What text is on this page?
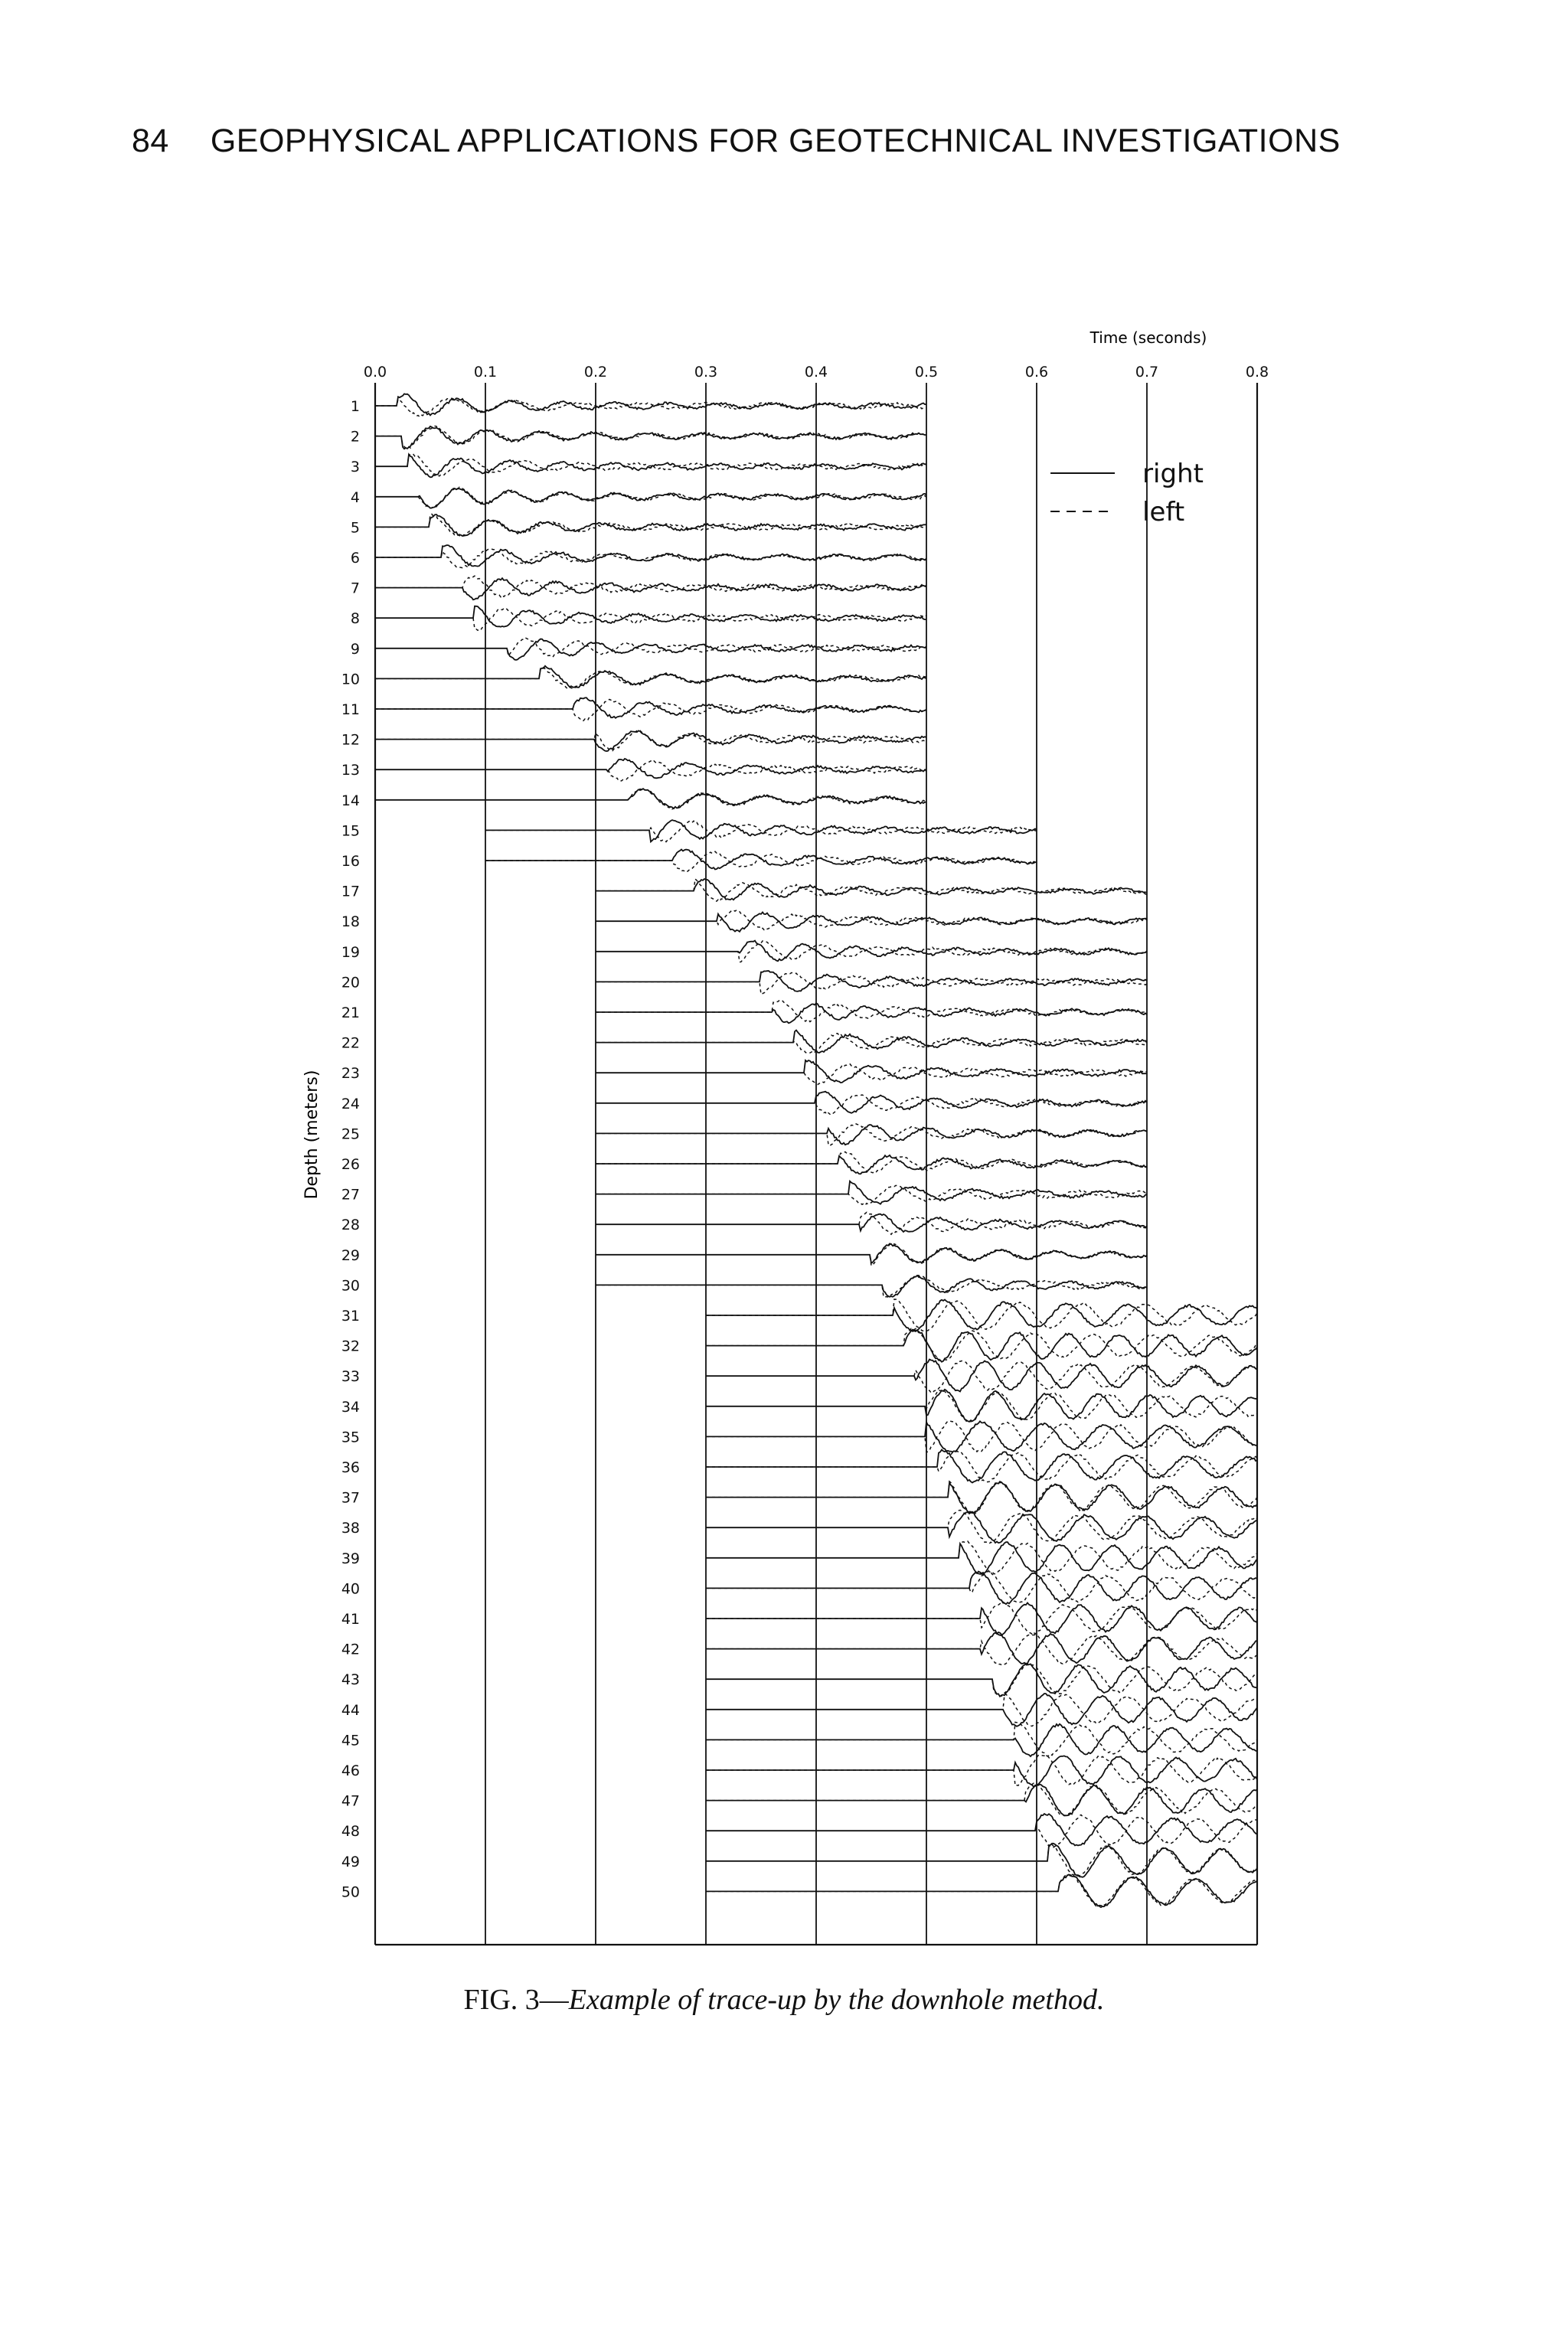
84 GEOPHYSICAL APPLICATIONS FOR GEOTECHNICAL INVESTIGATIONS
0.0	0.1	0.2	0.3	0.4	0.5	0.6	0.7	0.8
Time (seconds)
1
2
3
4
5
6
7
8
9
10
11
12
13
14
15
16
17
18
19
20
21
22
23
24
25
26
27
28
29
30
31
32
33
34
35
36
37
38
39
40
41
42
43
44
45
46
47
48
49
50
Depth (meters)
right
left
FIG. 3—Example of trace-up by the downhole method.
